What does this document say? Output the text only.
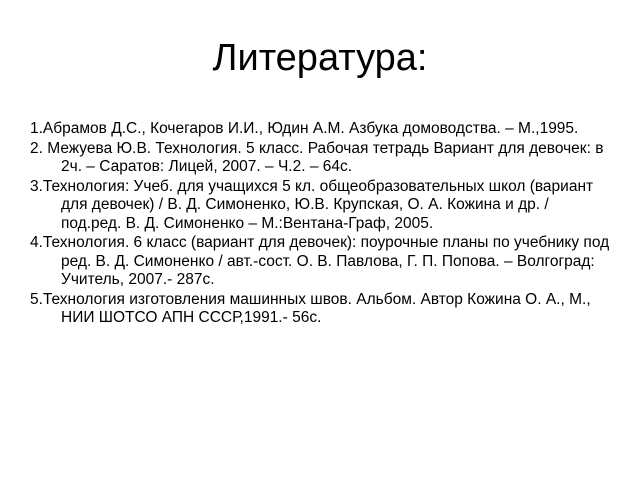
Литература:
1.Абрамов Д.С., Кочегаров И.И., Юдин А.М. Азбука домоводства. – М.,1995.
2. Межуева Ю.В. Технология. 5 класс. Рабочая тетрадь Вариант для девочек: в 2ч. – Саратов: Лицей, 2007. – Ч.2. – 64с.
3.Технология: Учеб. для учащихся 5 кл. общеобразовательных школ (вариант для девочек) / В. Д. Симоненко, Ю.В. Крупская, О. А. Кожина и др. / под.ред. В. Д. Симоненко – М.:Вентана-Граф, 2005.
4.Технология. 6 класс (вариант для девочек): поурочные планы по учебнику под ред. В. Д. Симоненко / авт.-сост. О. В. Павлова, Г. П. Попова. – Волгоград: Учитель, 2007.- 287с.
5.Технология изготовления машинных швов. Альбом. Автор Кожина О. А., М., НИИ ШОТСО АПН СССР,1991.- 56с.
